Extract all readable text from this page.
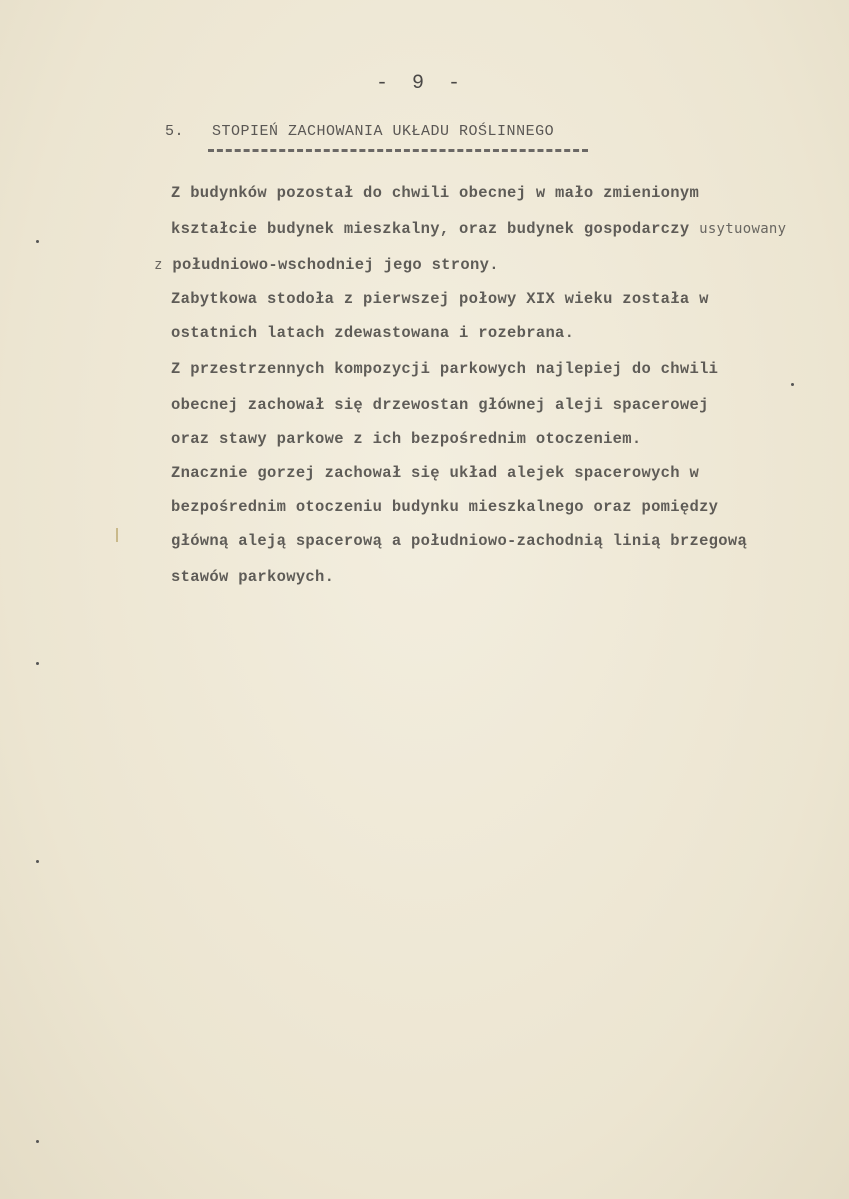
- 9 -
5. STOPIEŃ ZACHOWANIA UKŁADU ROŚLINNEGO
Z budynków pozostał do chwili obecnej w mało zmienionym
kształcie budynek mieszkalny, oraz budynek gospodarczy usytuowany
z południowo-wschodniej jego strony.
Zabytkowa stodoła z pierwszej połowy XIX wieku została w
ostatnich latach zdewastowana i rozebrana.
Z przestrzennych kompozycji parkowych najlepiej do chwili
obecnej zachował się drzewostan głównej aleji spacerowej
oraz stawy parkowe z ich bezpośrednim otoczeniem.
Znacznie gorzej zachował się układ alejek spacerowych w
bezpośrednim otoczeniu budynku mieszkalnego oraz pomiędzy
główną aleją spacerową a południowo-zachodnią linią brzegową
stawów parkowych.
